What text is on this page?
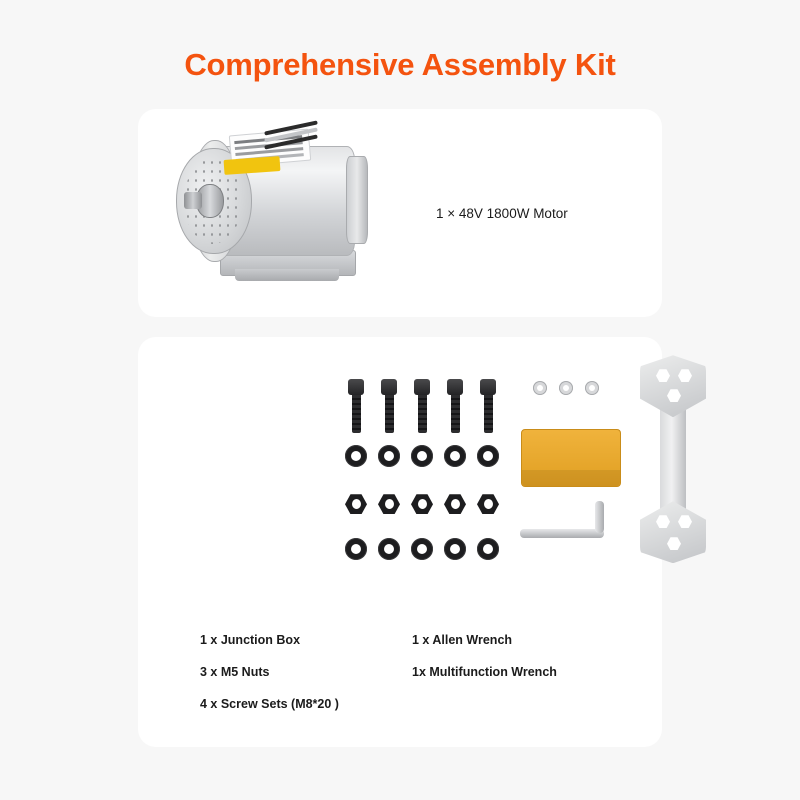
Comprehensive Assembly Kit
1 × 48V 1800W Motor
1 x Junction Box
3 x M5 Nuts
4 x Screw Sets (M8*20 )
1 x Allen Wrench
1x Multifunction Wrench
